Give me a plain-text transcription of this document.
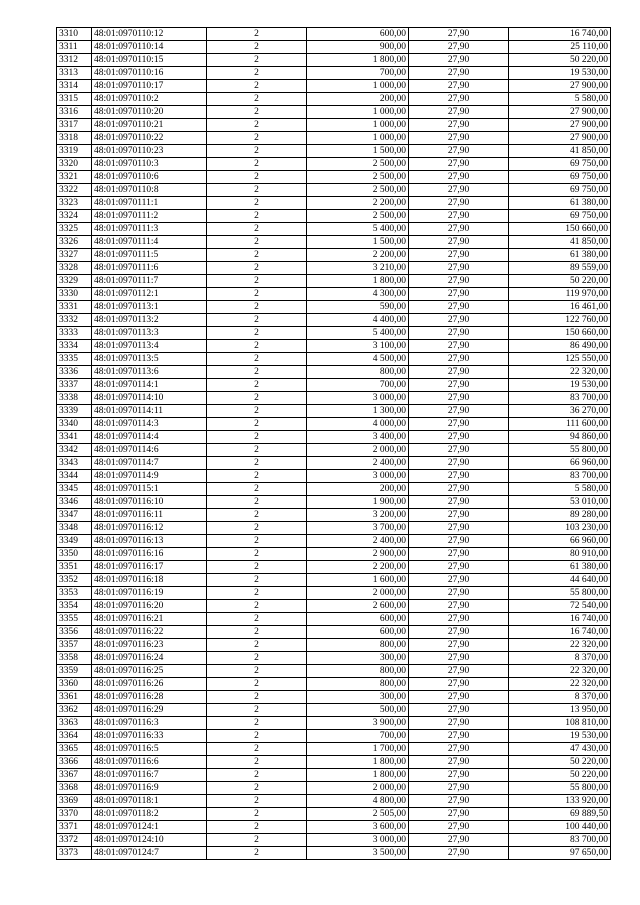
3310	48:01:0970110:12	2	600,00	27,90	16 740,00
3311	48:01:0970110:14	2	900,00	27,90	25 110,00
3312	48:01:0970110:15	2	1 800,00	27,90	50 220,00
3313	48:01:0970110:16	2	700,00	27,90	19 530,00
3314	48:01:0970110:17	2	1 000,00	27,90	27 900,00
3315	48:01:0970110:2	2	200,00	27,90	5 580,00
3316	48:01:0970110:20	2	1 000,00	27,90	27 900,00
3317	48:01:0970110:21	2	1 000,00	27,90	27 900,00
3318	48:01:0970110:22	2	1 000,00	27,90	27 900,00
3319	48:01:0970110:23	2	1 500,00	27,90	41 850,00
3320	48:01:0970110:3	2	2 500,00	27,90	69 750,00
3321	48:01:0970110:6	2	2 500,00	27,90	69 750,00
3322	48:01:0970110:8	2	2 500,00	27,90	69 750,00
3323	48:01:0970111:1	2	2 200,00	27,90	61 380,00
3324	48:01:0970111:2	2	2 500,00	27,90	69 750,00
3325	48:01:0970111:3	2	5 400,00	27,90	150 660,00
3326	48:01:0970111:4	2	1 500,00	27,90	41 850,00
3327	48:01:0970111:5	2	2 200,00	27,90	61 380,00
3328	48:01:0970111:6	2	3 210,00	27,90	89 559,00
3329	48:01:0970111:7	2	1 800,00	27,90	50 220,00
3330	48:01:0970112:1	2	4 300,00	27,90	119 970,00
3331	48:01:0970113:1	2	590,00	27,90	16 461,00
3332	48:01:0970113:2	2	4 400,00	27,90	122 760,00
3333	48:01:0970113:3	2	5 400,00	27,90	150 660,00
3334	48:01:0970113:4	2	3 100,00	27,90	86 490,00
3335	48:01:0970113:5	2	4 500,00	27,90	125 550,00
3336	48:01:0970113:6	2	800,00	27,90	22 320,00
3337	48:01:0970114:1	2	700,00	27,90	19 530,00
3338	48:01:0970114:10	2	3 000,00	27,90	83 700,00
3339	48:01:0970114:11	2	1 300,00	27,90	36 270,00
3340	48:01:0970114:3	2	4 000,00	27,90	111 600,00
3341	48:01:0970114:4	2	3 400,00	27,90	94 860,00
3342	48:01:0970114:6	2	2 000,00	27,90	55 800,00
3343	48:01:0970114:7	2	2 400,00	27,90	66 960,00
3344	48:01:0970114:9	2	3 000,00	27,90	83 700,00
3345	48:01:0970115:1	2	200,00	27,90	5 580,00
3346	48:01:0970116:10	2	1 900,00	27,90	53 010,00
3347	48:01:0970116:11	2	3 200,00	27,90	89 280,00
3348	48:01:0970116:12	2	3 700,00	27,90	103 230,00
3349	48:01:0970116:13	2	2 400,00	27,90	66 960,00
3350	48:01:0970116:16	2	2 900,00	27,90	80 910,00
3351	48:01:0970116:17	2	2 200,00	27,90	61 380,00
3352	48:01:0970116:18	2	1 600,00	27,90	44 640,00
3353	48:01:0970116:19	2	2 000,00	27,90	55 800,00
3354	48:01:0970116:20	2	2 600,00	27,90	72 540,00
3355	48:01:0970116:21	2	600,00	27,90	16 740,00
3356	48:01:0970116:22	2	600,00	27,90	16 740,00
3357	48:01:0970116:23	2	800,00	27,90	22 320,00
3358	48:01:0970116:24	2	300,00	27,90	8 370,00
3359	48:01:0970116:25	2	800,00	27,90	22 320,00
3360	48:01:0970116:26	2	800,00	27,90	22 320,00
3361	48:01:0970116:28	2	300,00	27,90	8 370,00
3362	48:01:0970116:29	2	500,00	27,90	13 950,00
3363	48:01:0970116:3	2	3 900,00	27,90	108 810,00
3364	48:01:0970116:33	2	700,00	27,90	19 530,00
3365	48:01:0970116:5	2	1 700,00	27,90	47 430,00
3366	48:01:0970116:6	2	1 800,00	27,90	50 220,00
3367	48:01:0970116:7	2	1 800,00	27,90	50 220,00
3368	48:01:0970116:9	2	2 000,00	27,90	55 800,00
3369	48:01:0970118:1	2	4 800,00	27,90	133 920,00
3370	48:01:0970118:2	2	2 505,00	27,90	69 889,50
3371	48:01:0970124:1	2	3 600,00	27,90	100 440,00
3372	48:01:0970124:10	2	3 000,00	27,90	83 700,00
3373	48:01:0970124:7	2	3 500,00	27,90	97 650,00
